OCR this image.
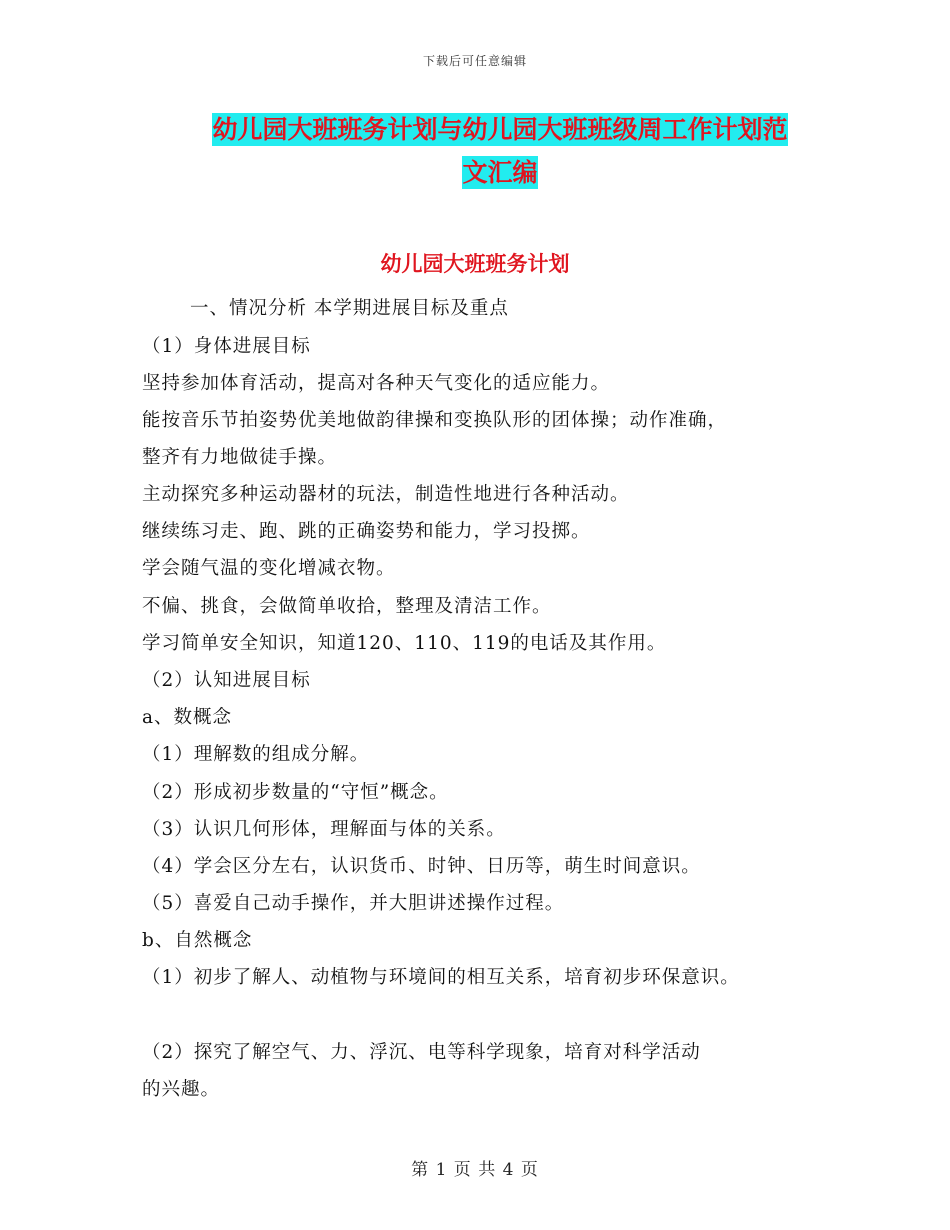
下载后可任意编辑
幼儿园大班班务计划与幼儿园大班班级周工作计划范
文汇编
幼儿园大班班务计划
一、情况分析 本学期进展目标及重点
（1）身体进展目标
坚持参加体育活动，提高对各种天气变化的适应能力。
能按音乐节拍姿势优美地做韵律操和变换队形的团体操；动作准确，
整齐有力地做徒手操。
主动探究多种运动器材的玩法，制造性地进行各种活动。
继续练习走、跑、跳的正确姿势和能力，学习投掷。
学会随气温的变化增减衣物。
不偏、挑食，会做简单收拾，整理及清洁工作。
学习简单安全知识，知道120、110、119的电话及其作用。
（2）认知进展目标
a、数概念
（1）理解数的组成分解。
（2）形成初步数量的“守恒”概念。
（3）认识几何形体，理解面与体的关系。
（4）学会区分左右，认识货币、时钟、日历等，萌生时间意识。
（5）喜爱自己动手操作，并大胆讲述操作过程。
b、自然概念
（1）初步了解人、动植物与环境间的相互关系，培育初步环保意识。
（2）探究了解空气、力、浮沉、电等科学现象，培育对科学活动
的兴趣。
第 1 页 共 4 页
